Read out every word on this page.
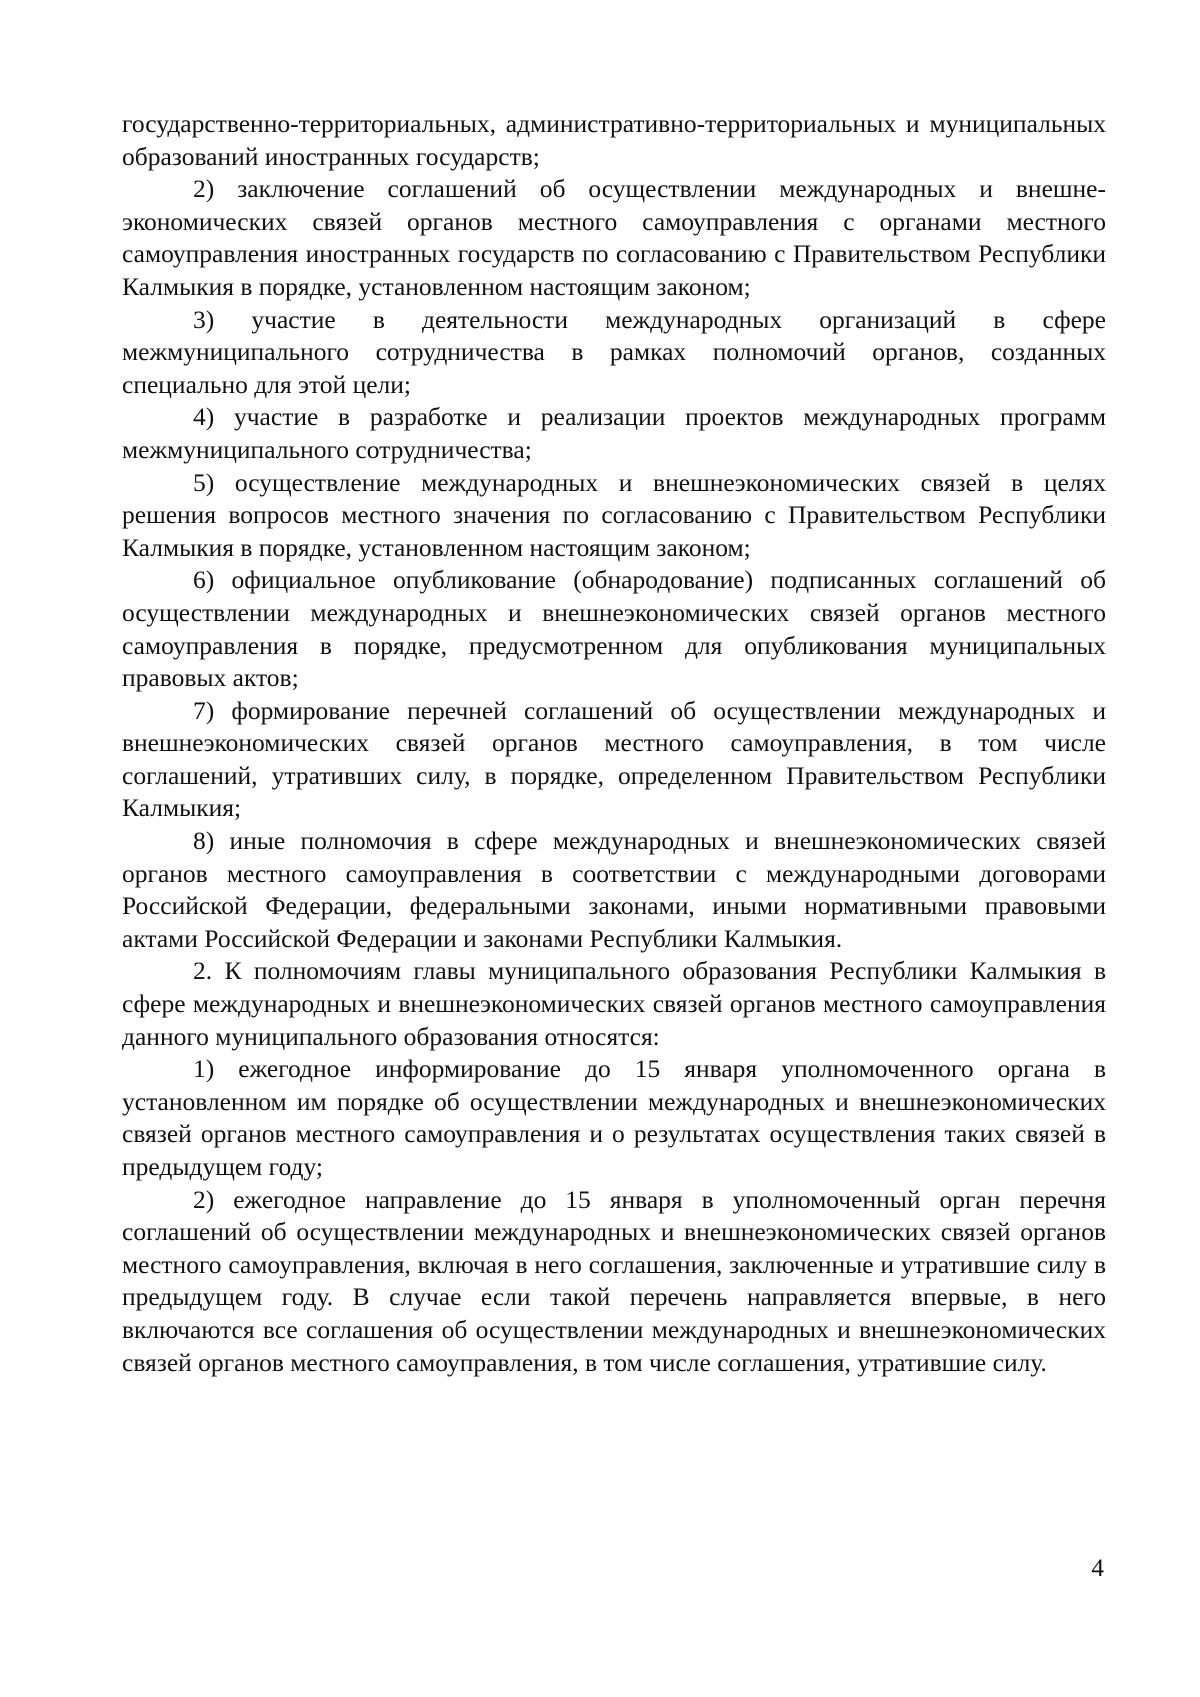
государственно-территориальных, административно-территориальных и муниципальных образований иностранных государств;

2) заключение соглашений об осуществлении международных и внешне-экономических связей органов местного самоуправления с органами местного самоуправления иностранных государств по согласованию с Правительством Республики Калмыкия в порядке, установленном настоящим законом;

3) участие в деятельности международных организаций в сфере межмуниципального сотрудничества в рамках полномочий органов, созданных специально для этой цели;

4) участие в разработке и реализации проектов международных программ межмуниципального сотрудничества;

5) осуществление международных и внешнеэкономических связей в целях решения вопросов местного значения по согласованию с Правительством Республики Калмыкия в порядке, установленном настоящим законом;

6) официальное опубликование (обнародование) подписанных соглашений об осуществлении международных и внешнеэкономических связей органов местного самоуправления в порядке, предусмотренном для опубликования муниципальных правовых актов;

7) формирование перечней соглашений об осуществлении международных и внешнеэкономических связей органов местного самоуправления, в том числе соглашений, утративших силу, в порядке, определенном Правительством Республики Калмыкия;

8) иные полномочия в сфере международных и внешнеэкономических связей органов местного самоуправления в соответствии с международными договорами Российской Федерации, федеральными законами, иными нормативными правовыми актами Российской Федерации и законами Республики Калмыкия.

2. К полномочиям главы муниципального образования Республики Калмыкия в сфере международных и внешнеэкономических связей органов местного самоуправления данного муниципального образования относятся:

1) ежегодное информирование до 15 января уполномоченного органа в установленном им порядке об осуществлении международных и внешнеэкономических связей органов местного самоуправления и о результатах осуществления таких связей в предыдущем году;

2) ежегодное направление до 15 января в уполномоченный орган перечня соглашений об осуществлении международных и внешнеэкономических связей органов местного самоуправления, включая в него соглашения, заключенные и утратившие силу в предыдущем году. В случае если такой перечень направляется впервые, в него включаются все соглашения об осуществлении международных и внешнеэкономических связей органов местного самоуправления, в том числе соглашения, утратившие силу.

4
